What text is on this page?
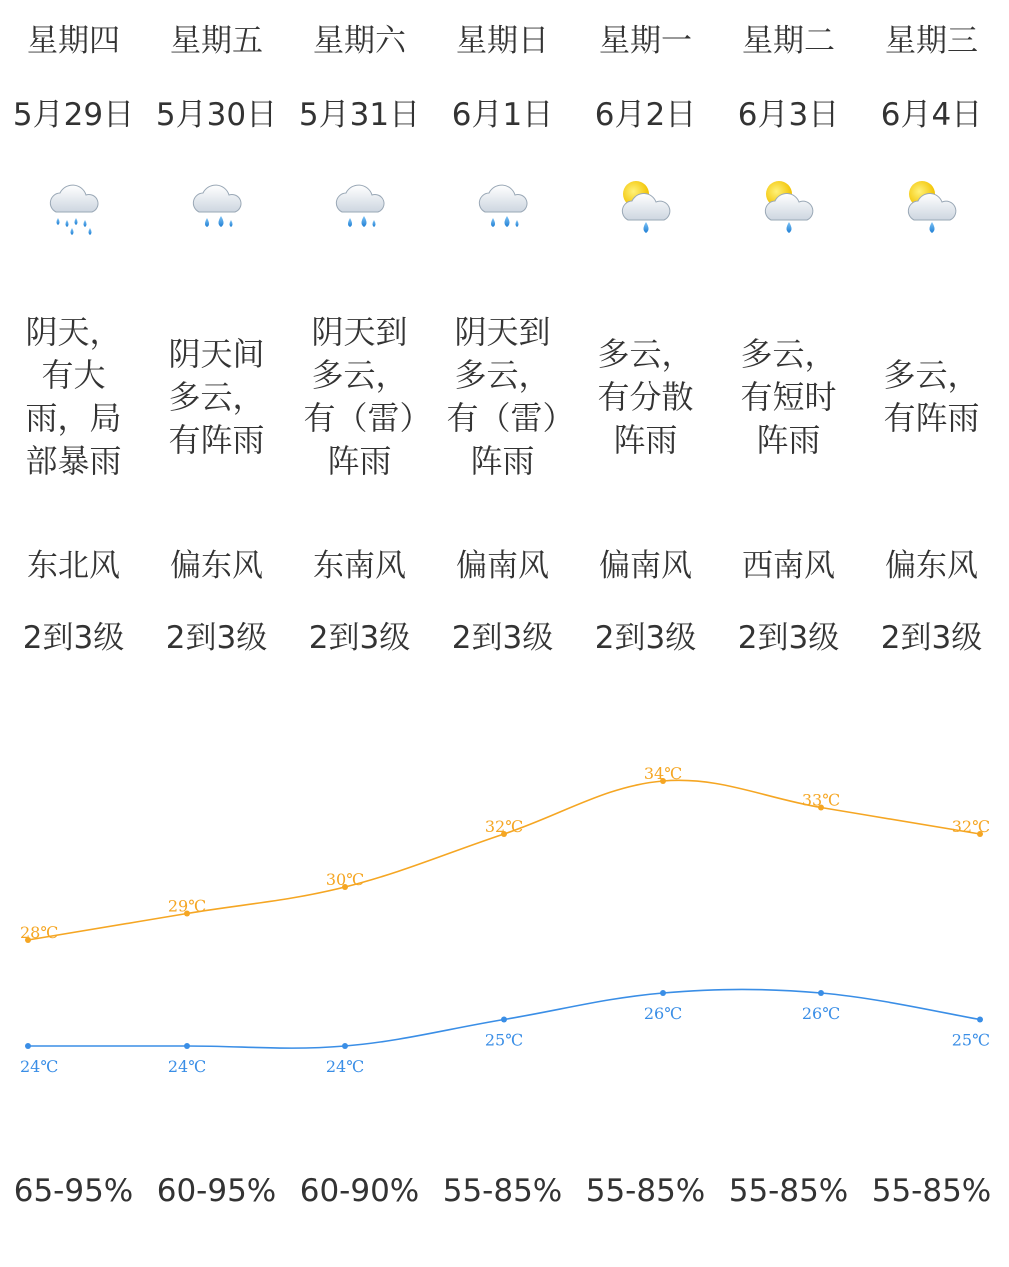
星期四	星期五	星期六	星期日	星期一	星期二	星期三
5月29日 5月30日 5月31日	6月1日	6月2日	6月3日	6月4日
阴天，有大雨，局部暴雨
阴天间多云，有阵雨
阴天到多云，有（雷）阵雨
阴天到多云，有（雷）阵雨
多云，有分散阵雨
多云，有短时阵雨
多云，有阵雨
东北风	偏东风	东南风	偏南风	偏南风	西南风	偏东风
2到3级	2到3级	2到3级	2到3级	2到3级	2到3级	2到3级
28℃
29℃
30℃
32℃
34℃
33℃
32℃
24℃	24℃	24℃
25℃
26℃	26℃
25℃
65-95% 60-95% 60-90% 55-85% 55-85% 55-85% 55-85%
